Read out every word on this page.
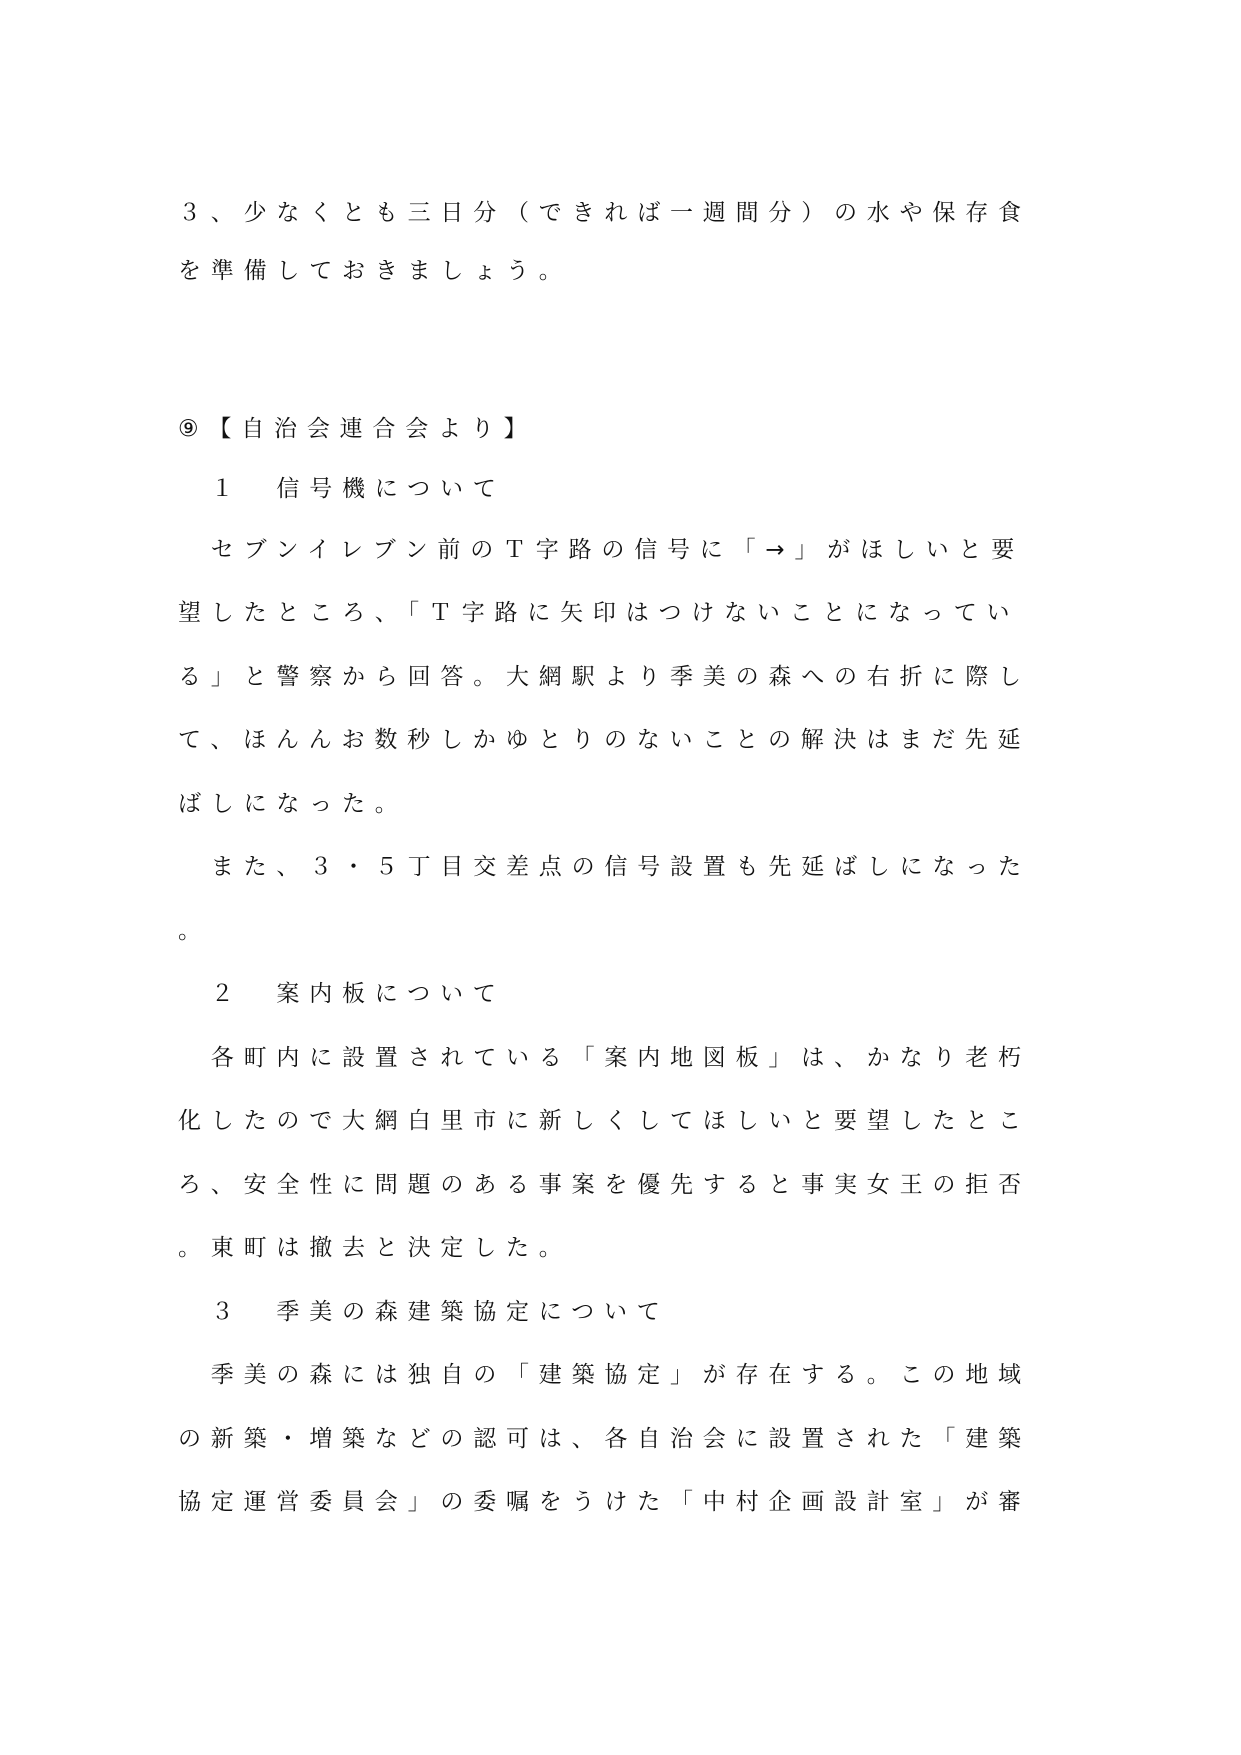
３、少なくとも三日分（できれば一週間分）の水や保存食
を準備しておきましょう。
⑨【自治会連合会より】
　１　信号機について
　セブンイレブン前のＴ字路の信号に「→」がほしいと要
望したところ、「Ｔ字路に矢印はつけないことになってい
る」と警察から回答。大網駅より季美の森への右折に際し
て、ほんんお数秒しかゆとりのないことの解決はまだ先延
ばしになった。
　また、３・５丁目交差点の信号設置も先延ばしになった
。
　２　案内板について
　各町内に設置されている「案内地図板」は、かなり老朽
化したので大網白里市に新しくしてほしいと要望したとこ
ろ、安全性に問題のある事案を優先すると事実女王の拒否
。東町は撤去と決定した。
　３　季美の森建築協定について
　季美の森には独自の「建築協定」が存在する。この地域
の新築・増築などの認可は、各自治会に設置された「建築
協定運営委員会」の委嘱をうけた「中村企画設計室」が審
